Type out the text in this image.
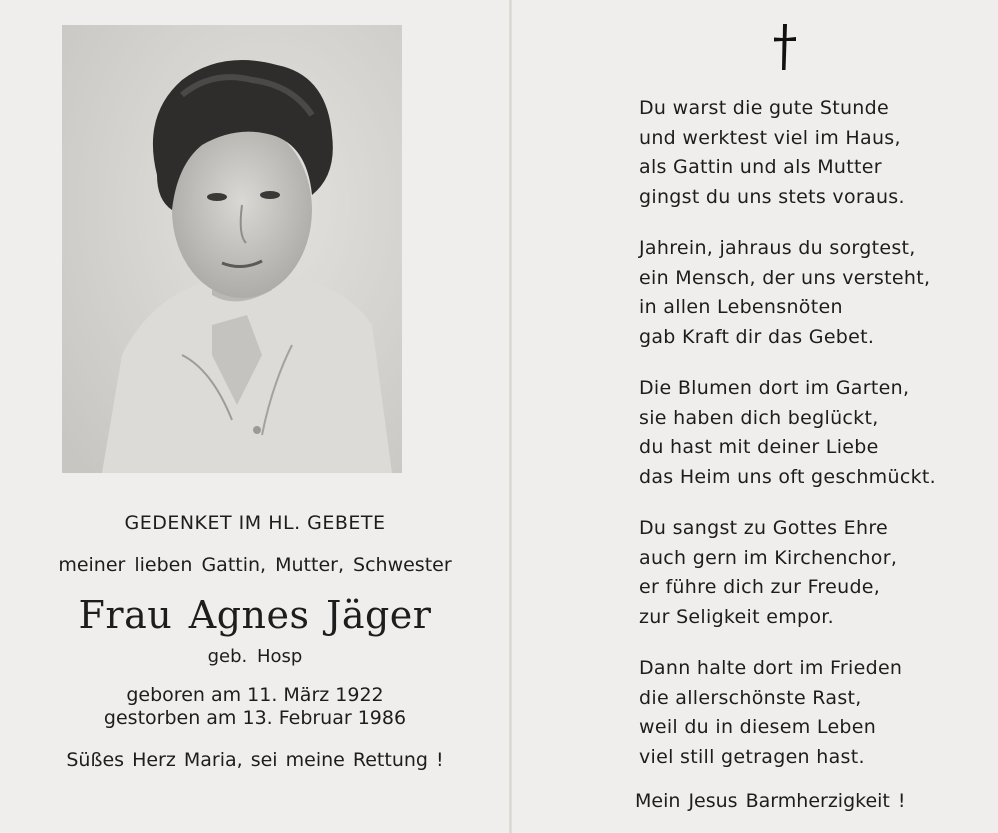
GEDENKET IM HL. GEBETE
meiner lieben Gattin, Mutter, Schwester
Frau Agnes Jäger
geb. Hosp
geboren am 11. März 1922
gestorben am 13. Februar 1986
Süßes Herz Maria, sei meine Rettung !
Du warst die gute Stunde
und werktest viel im Haus,
als Gattin und als Mutter
gingst du uns stets voraus.
Jahrein, jahraus du sorgtest,
ein Mensch, der uns versteht,
in allen Lebensnöten
gab Kraft dir das Gebet.
Die Blumen dort im Garten,
sie haben dich beglückt,
du hast mit deiner Liebe
das Heim uns oft geschmückt.
Du sangst zu Gottes Ehre
auch gern im Kirchenchor,
er führe dich zur Freude,
zur Seligkeit empor.
Dann halte dort im Frieden
die allerschönste Rast,
weil du in diesem Leben
viel still getragen hast.
Mein Jesus Barmherzigkeit !
